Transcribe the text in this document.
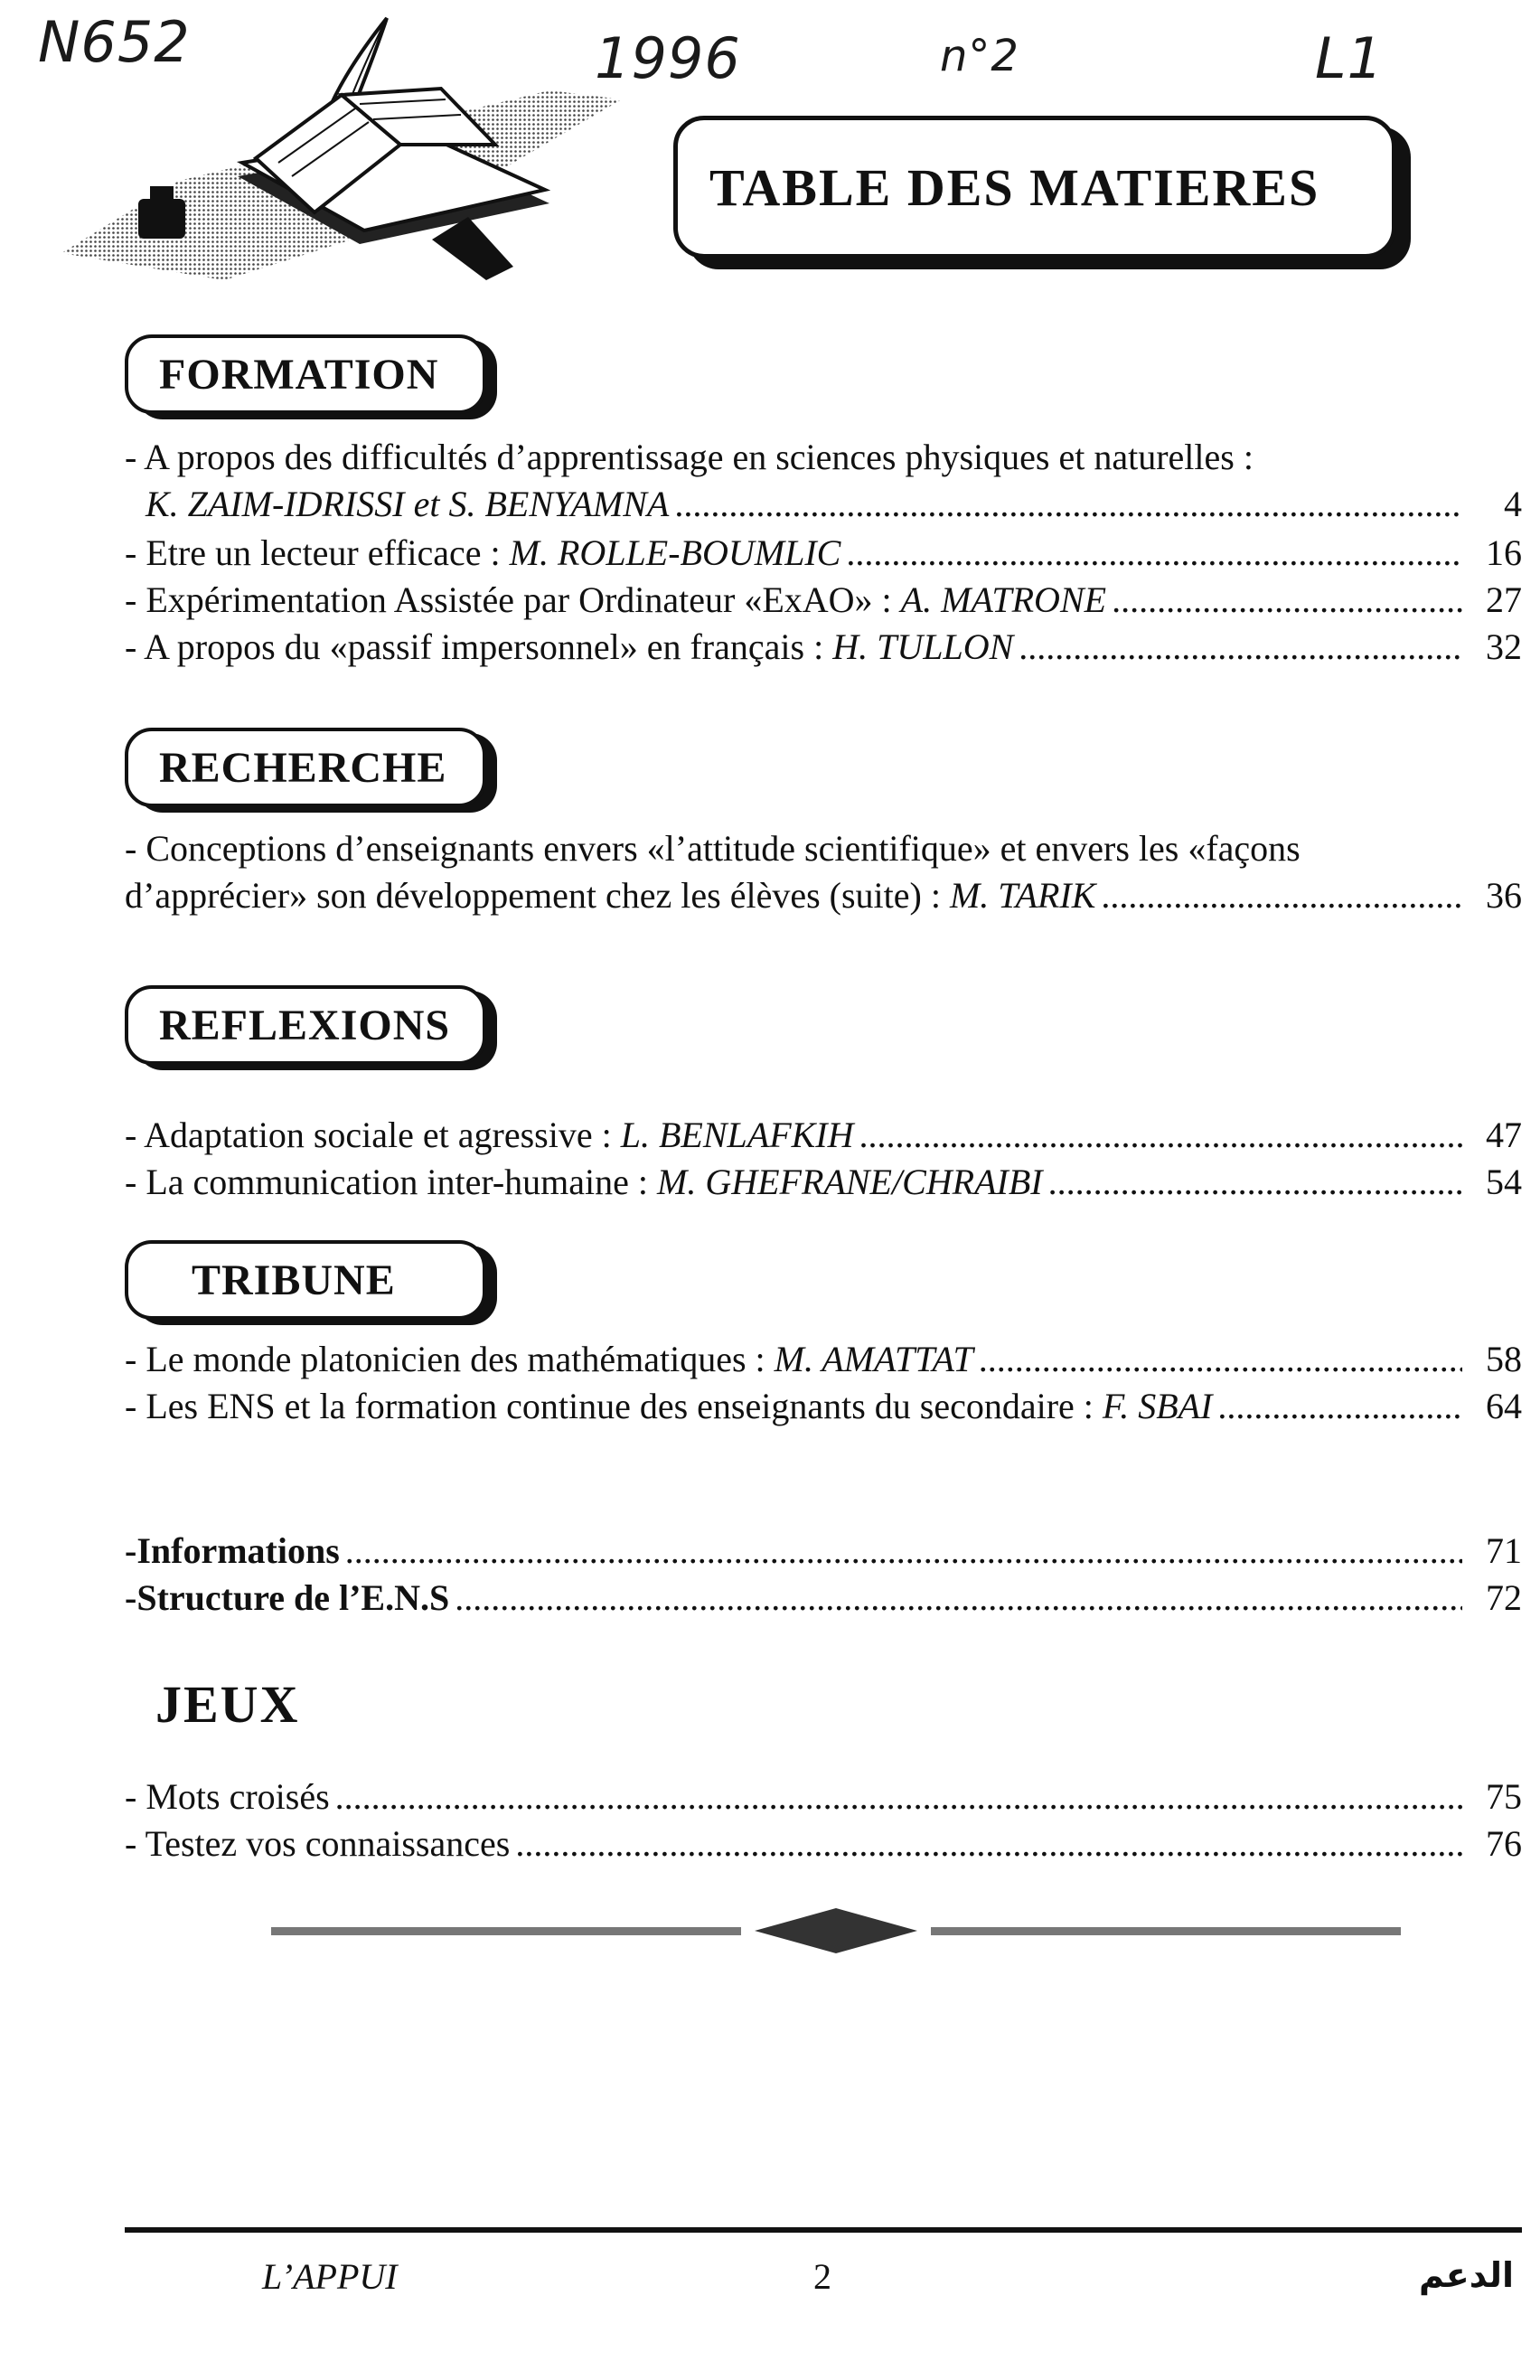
N652	1996	n°2	L1
TABLE DES MATIERES
FORMATION
- A propos des difficultés d’apprentissage en sciences physiques et naturelles :
K. ZAIM-IDRISSI et S. BENYAMNA .....	4
- Etre un lecteur efficace :
M. ROLLE-BOUMLIC .....	16
- Expérimentation Assistée par Ordinateur «ExAO» :
A. MATRONE .....	27
- A propos du «passif impersonnel» en français :
H. TULLON .....	32
RECHERCHE
- Conceptions d’enseignants envers «l’attitude scientifique» et envers les «façons
d’apprécier» son développement chez les élèves (suite) :
M. TARIK .....	36
REFLEXIONS
- Adaptation sociale et agressive :
L. BENLAFKIH .....	47
- La communication inter-humaine :
M. GHEFRANE/CHRAIBI .....	54
TRIBUNE
- Le monde platonicien des mathématiques :
M. AMATTAT .....	58
- Les ENS et la formation continue des enseignants du secondaire :
F. SBAI .....	64
- Informations .....	71
- Structure de l’E.N.S .....	72
JEUX
- Mots croisés .....	75
- Testez vos connaissances .....	76
L’APPUI	2	الدعم
